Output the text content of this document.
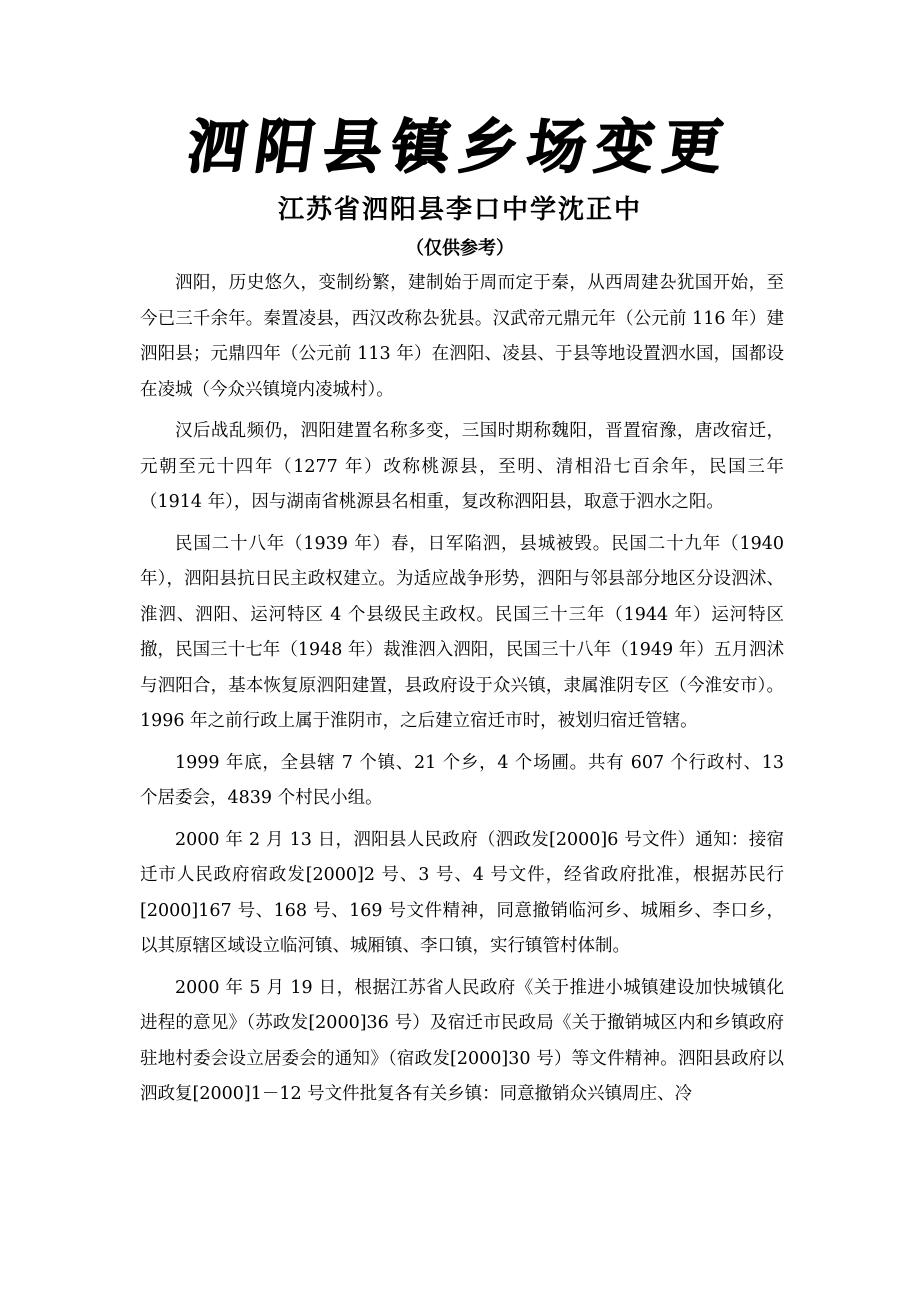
泗阳县镇乡场变更
江苏省泗阳县李口中学沈正中
（仅供参考）

泗阳，历史悠久，变制纷繁，建制始于周而定于秦，从西周建厹犹国开始，至今已三千余年。秦置凌县，西汉改称厹犹县。汉武帝元鼎元年（公元前 116 年）建泗阳县；元鼎四年（公元前 113 年）在泗阳、凌县、于县等地设置泗水国，国都设在凌城（今众兴镇境内凌城村）。

汉后战乱频仍，泗阳建置名称多变，三国时期称魏阳，晋置宿豫，唐改宿迁，元朝至元十四年（1277 年）改称桃源县，至明、清相沿七百余年，民国三年（1914 年），因与湖南省桃源县名相重，复改称泗阳县，取意于泗水之阳。

民国二十八年（1939 年）春，日军陷泗，县城被毁。民国二十九年（1940 年），泗阳县抗日民主政权建立。为适应战争形势，泗阳与邻县部分地区分设泗沭、淮泗、泗阳、运河特区 4 个县级民主政权。民国三十三年（1944 年）运河特区撤，民国三十七年（1948 年）裁淮泗入泗阳，民国三十八年（1949 年）五月泗沭与泗阳合，基本恢复原泗阳建置，县政府设于众兴镇，隶属淮阴专区（今淮安市）。1996 年之前行政上属于淮阴市，之后建立宿迁市时，被划归宿迁管辖。

1999 年底，全县辖 7 个镇、21 个乡，4 个场圃。共有 607 个行政村、13 个居委会，4839 个村民小组。

2000 年 2 月 13 日，泗阳县人民政府（泗政发[2000]6 号文件）通知：接宿迁市人民政府宿政发[2000]2 号、3 号、4 号文件，经省政府批准，根据苏民行[2000]167 号、168 号、169 号文件精神，同意撤销临河乡、城厢乡、李口乡，以其原辖区域设立临河镇、城厢镇、李口镇，实行镇管村体制。

2000 年 5 月 19 日，根据江苏省人民政府《关于推进小城镇建设加快城镇化进程的意见》（苏政发[2000]36 号）及宿迁市民政局《关于撤销城区内和乡镇政府驻地村委会设立居委会的通知》（宿政发[2000]30 号）等文件精神。泗阳县政府以泗政复[2000]1－12 号文件批复各有关乡镇：同意撤销众兴镇周庄、冷
